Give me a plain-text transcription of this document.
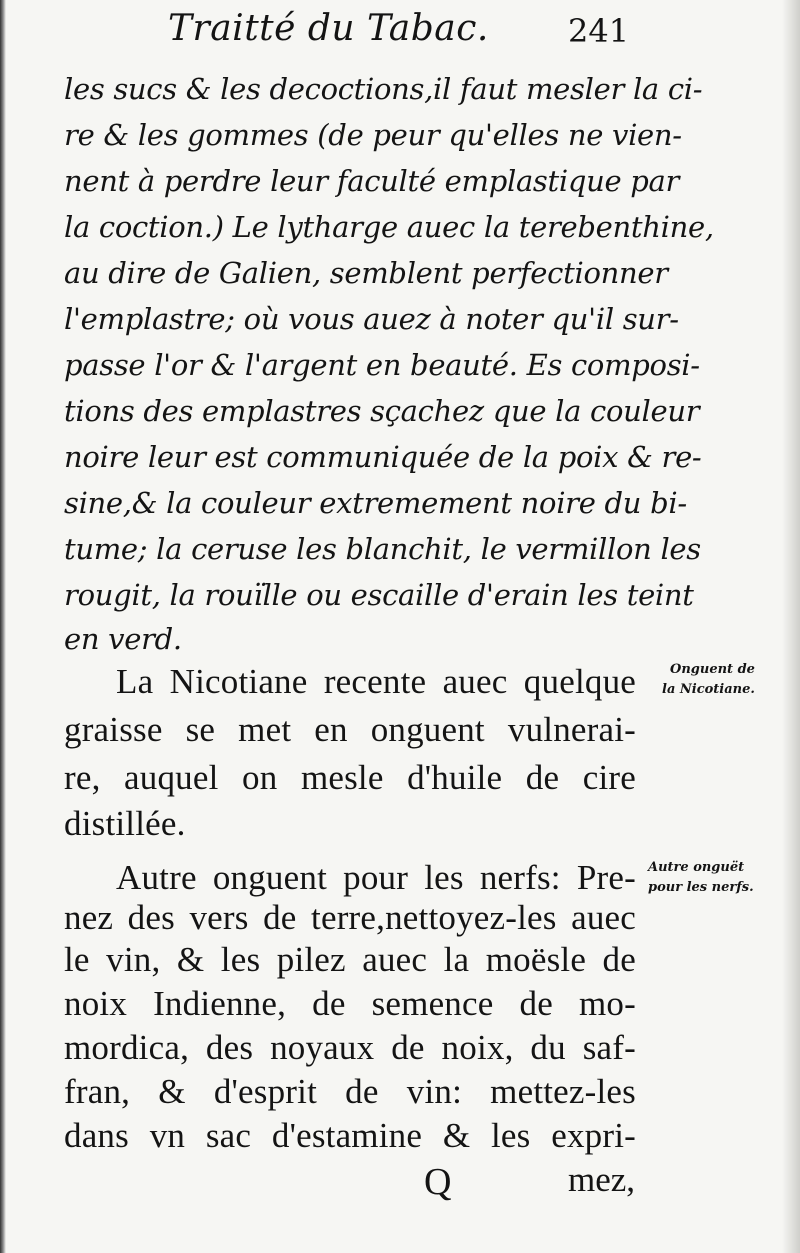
Traitté du Tabac. 241
les sucs & les decoctions,il faut mesler la ci-
re & les gommes (de peur qu'elles ne vien-
nent à perdre leur faculté emplastique par
la coction.) Le lytharge auec la terebenthine,
au dire de Galien, semblent perfectionner
l'emplastre; où vous auez à noter qu'il sur-
passe l'or & l'argent en beauté. Es composi-
tions des emplastres sçachez que la couleur
noire leur est communiquée de la poix & re-
sine,& la couleur extremement noire du bi-
tume; la ceruse les blanchit, le vermillon les
rougit, la rouïlle ou escaille d'erain les teint
en verd.
La Nicotiane recente auec quelque
graisse se met en onguent vulnerai-
re, auquel on mesle d'huile de cire
distillée.
Autre onguent pour les nerfs: Pre-
nez des vers de terre,nettoyez-les auec
le vin, & les pilez auec la moësle de
noix Indienne, de semence de mo-
mordica, des noyaux de noix, du saf-
fran, & d'esprit de vin: mettez-les
dans vn sac d'estamine & les expri-
Onguent de
la Nicotiane.
Autre onguët
pour les nerfs.
Q	mez,
